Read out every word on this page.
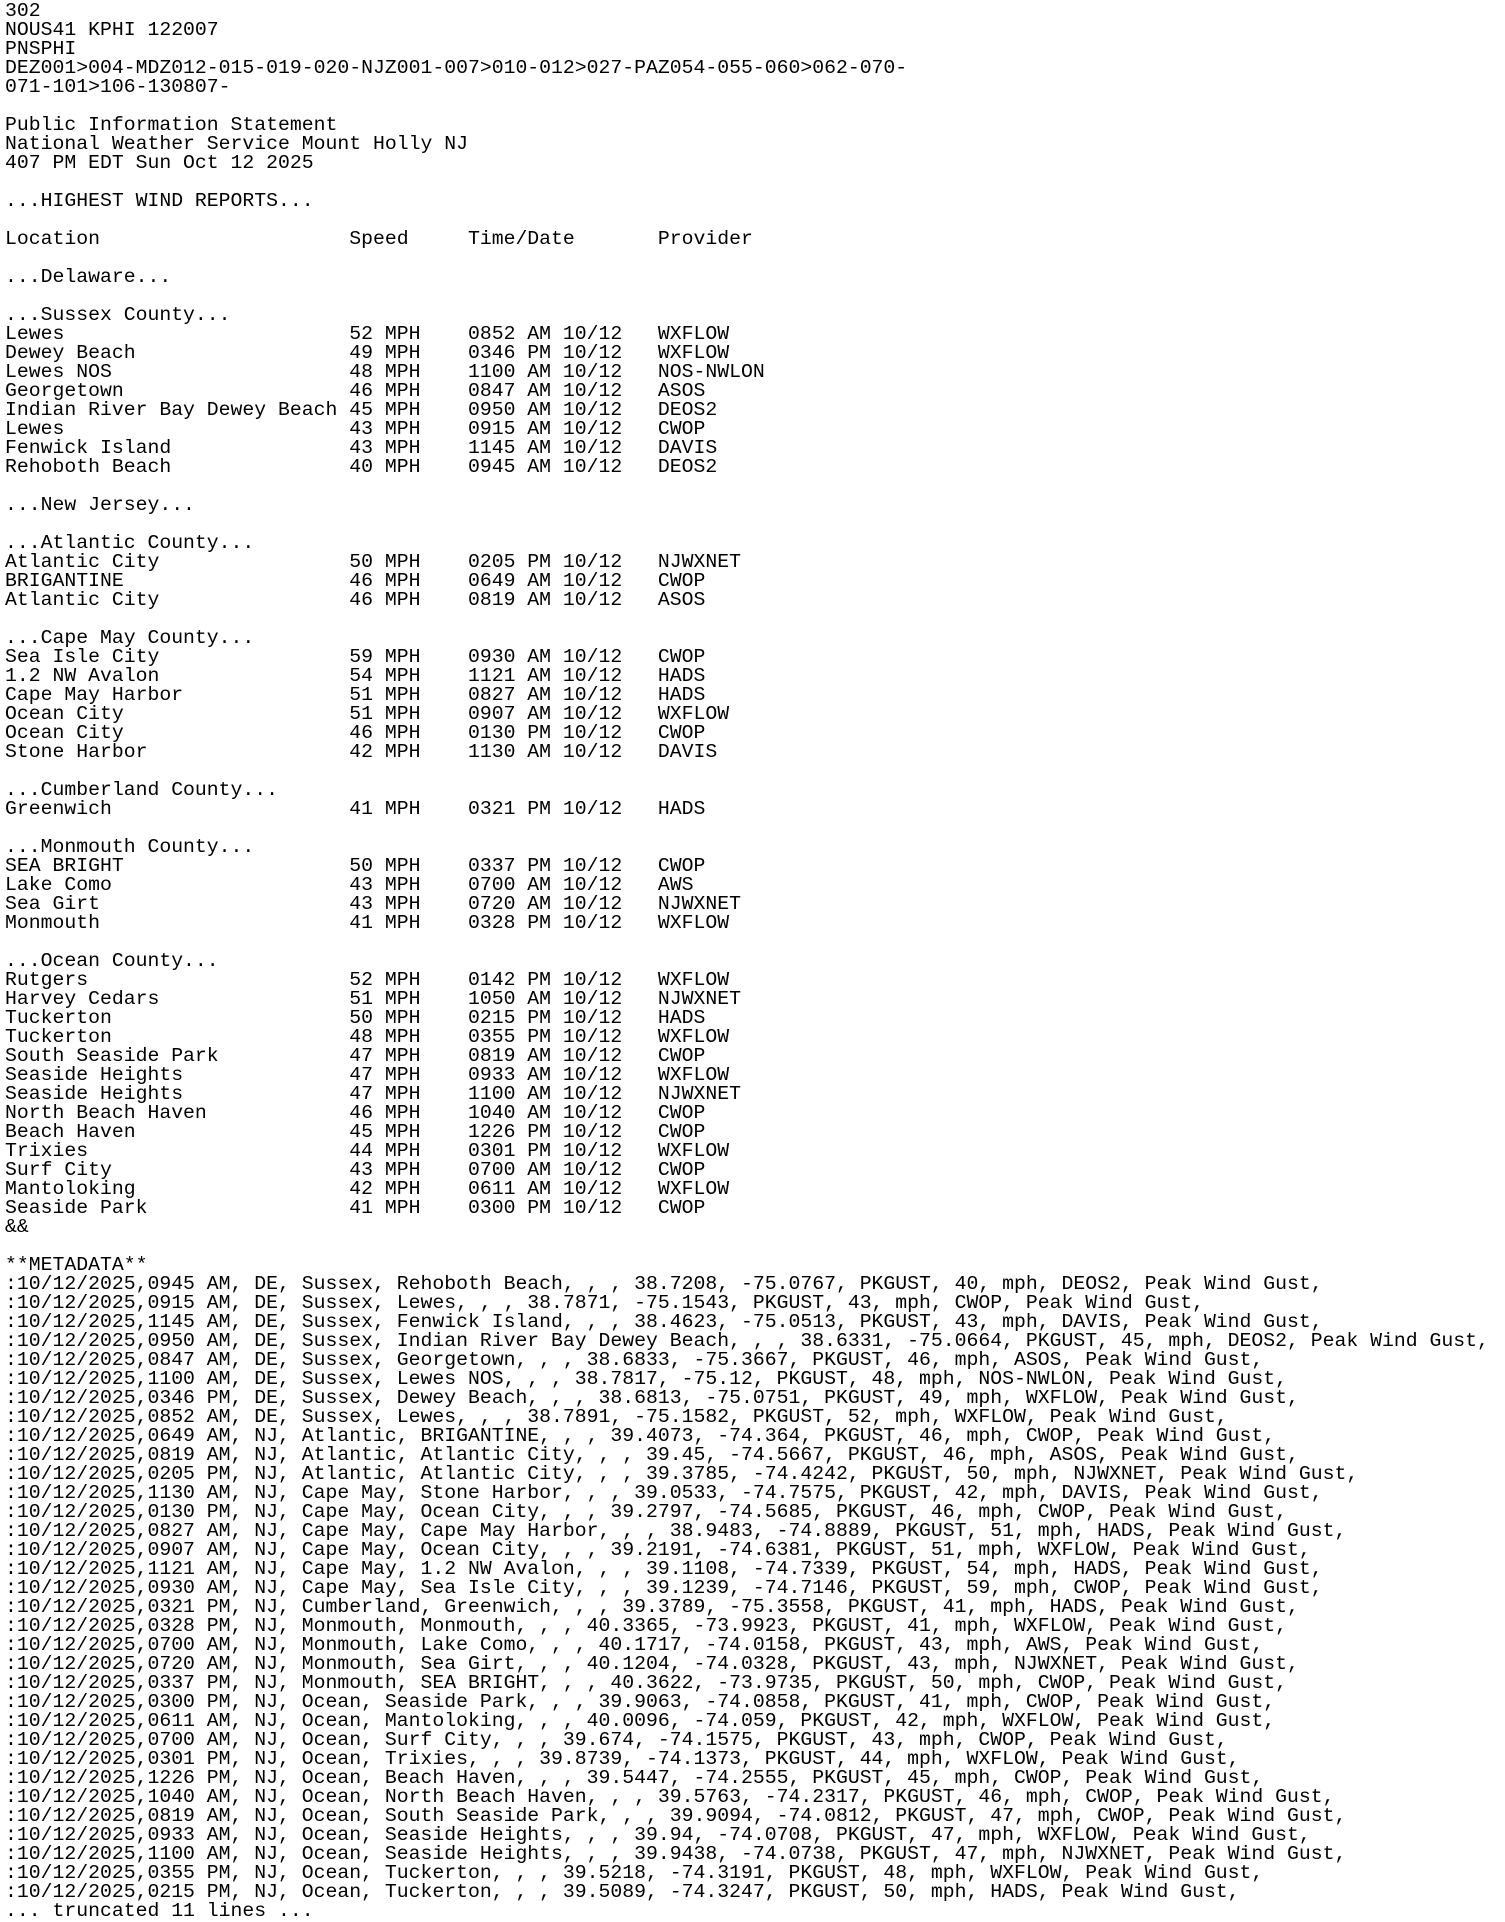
302
NOUS41 KPHI 122007
PNSPHI
DEZ001>004-MDZ012-015-019-020-NJZ001-007>010-012>027-PAZ054-055-060>062-070-
071-101>106-130807-
Public Information Statement
National Weather Service Mount Holly NJ
407 PM EDT Sun Oct 12 2025
...HIGHEST WIND REPORTS...
Location                     Speed     Time/Date       Provider
...Delaware...
...Sussex County...
Lewes                        52 MPH    0852 AM 10/12   WXFLOW
Dewey Beach                  49 MPH    0346 PM 10/12   WXFLOW
Lewes NOS                    48 MPH    1100 AM 10/12   NOS-NWLON
Georgetown                   46 MPH    0847 AM 10/12   ASOS
Indian River Bay Dewey Beach 45 MPH    0950 AM 10/12   DEOS2
Lewes                        43 MPH    0915 AM 10/12   CWOP
Fenwick Island               43 MPH    1145 AM 10/12   DAVIS
Rehoboth Beach               40 MPH    0945 AM 10/12   DEOS2
...New Jersey...
...Atlantic County...
Atlantic City                50 MPH    0205 PM 10/12   NJWXNET
BRIGANTINE                   46 MPH    0649 AM 10/12   CWOP
Atlantic City                46 MPH    0819 AM 10/12   ASOS
...Cape May County...
Sea Isle City                59 MPH    0930 AM 10/12   CWOP
1.2 NW Avalon                54 MPH    1121 AM 10/12   HADS
Cape May Harbor              51 MPH    0827 AM 10/12   HADS
Ocean City                   51 MPH    0907 AM 10/12   WXFLOW
Ocean City                   46 MPH    0130 PM 10/12   CWOP
Stone Harbor                 42 MPH    1130 AM 10/12   DAVIS
...Cumberland County...
Greenwich                    41 MPH    0321 PM 10/12   HADS
...Monmouth County...
SEA BRIGHT                   50 MPH    0337 PM 10/12   CWOP
Lake Como                    43 MPH    0700 AM 10/12   AWS
Sea Girt                     43 MPH    0720 AM 10/12   NJWXNET
Monmouth                     41 MPH    0328 PM 10/12   WXFLOW
...Ocean County...
Rutgers                      52 MPH    0142 PM 10/12   WXFLOW
Harvey Cedars                51 MPH    1050 AM 10/12   NJWXNET
Tuckerton                    50 MPH    0215 PM 10/12   HADS
Tuckerton                    48 MPH    0355 PM 10/12   WXFLOW
South Seaside Park           47 MPH    0819 AM 10/12   CWOP
Seaside Heights              47 MPH    0933 AM 10/12   WXFLOW
Seaside Heights              47 MPH    1100 AM 10/12   NJWXNET
North Beach Haven            46 MPH    1040 AM 10/12   CWOP
Beach Haven                  45 MPH    1226 PM 10/12   CWOP
Trixies                      44 MPH    0301 PM 10/12   WXFLOW
Surf City                    43 MPH    0700 AM 10/12   CWOP
Mantoloking                  42 MPH    0611 AM 10/12   WXFLOW
Seaside Park                 41 MPH    0300 PM 10/12   CWOP
&&
**METADATA**
:10/12/2025,0945 AM, DE, Sussex, Rehoboth Beach, , , 38.7208, -75.0767, PKGUST, 40, mph, DEOS2, Peak Wind Gust,
:10/12/2025,0915 AM, DE, Sussex, Lewes, , , 38.7871, -75.1543, PKGUST, 43, mph, CWOP, Peak Wind Gust,
:10/12/2025,1145 AM, DE, Sussex, Fenwick Island, , , 38.4623, -75.0513, PKGUST, 43, mph, DAVIS, Peak Wind Gust,
:10/12/2025,0950 AM, DE, Sussex, Indian River Bay Dewey Beach, , , 38.6331, -75.0664, PKGUST, 45, mph, DEOS2, Peak Wind Gust,
:10/12/2025,0847 AM, DE, Sussex, Georgetown, , , 38.6833, -75.3667, PKGUST, 46, mph, ASOS, Peak Wind Gust,
:10/12/2025,1100 AM, DE, Sussex, Lewes NOS, , , 38.7817, -75.12, PKGUST, 48, mph, NOS-NWLON, Peak Wind Gust,
:10/12/2025,0346 PM, DE, Sussex, Dewey Beach, , , 38.6813, -75.0751, PKGUST, 49, mph, WXFLOW, Peak Wind Gust,
:10/12/2025,0852 AM, DE, Sussex, Lewes, , , 38.7891, -75.1582, PKGUST, 52, mph, WXFLOW, Peak Wind Gust,
:10/12/2025,0649 AM, NJ, Atlantic, BRIGANTINE, , , 39.4073, -74.364, PKGUST, 46, mph, CWOP, Peak Wind Gust,
:10/12/2025,0819 AM, NJ, Atlantic, Atlantic City, , , 39.45, -74.5667, PKGUST, 46, mph, ASOS, Peak Wind Gust,
:10/12/2025,0205 PM, NJ, Atlantic, Atlantic City, , , 39.3785, -74.4242, PKGUST, 50, mph, NJWXNET, Peak Wind Gust,
:10/12/2025,1130 AM, NJ, Cape May, Stone Harbor, , , 39.0533, -74.7575, PKGUST, 42, mph, DAVIS, Peak Wind Gust,
:10/12/2025,0130 PM, NJ, Cape May, Ocean City, , , 39.2797, -74.5685, PKGUST, 46, mph, CWOP, Peak Wind Gust,
:10/12/2025,0827 AM, NJ, Cape May, Cape May Harbor, , , 38.9483, -74.8889, PKGUST, 51, mph, HADS, Peak Wind Gust,
:10/12/2025,0907 AM, NJ, Cape May, Ocean City, , , 39.2191, -74.6381, PKGUST, 51, mph, WXFLOW, Peak Wind Gust,
:10/12/2025,1121 AM, NJ, Cape May, 1.2 NW Avalon, , , 39.1108, -74.7339, PKGUST, 54, mph, HADS, Peak Wind Gust,
:10/12/2025,0930 AM, NJ, Cape May, Sea Isle City, , , 39.1239, -74.7146, PKGUST, 59, mph, CWOP, Peak Wind Gust,
:10/12/2025,0321 PM, NJ, Cumberland, Greenwich, , , 39.3789, -75.3558, PKGUST, 41, mph, HADS, Peak Wind Gust,
:10/12/2025,0328 PM, NJ, Monmouth, Monmouth, , , 40.3365, -73.9923, PKGUST, 41, mph, WXFLOW, Peak Wind Gust,
:10/12/2025,0700 AM, NJ, Monmouth, Lake Como, , , 40.1717, -74.0158, PKGUST, 43, mph, AWS, Peak Wind Gust,
:10/12/2025,0720 AM, NJ, Monmouth, Sea Girt, , , 40.1204, -74.0328, PKGUST, 43, mph, NJWXNET, Peak Wind Gust,
:10/12/2025,0337 PM, NJ, Monmouth, SEA BRIGHT, , , 40.3622, -73.9735, PKGUST, 50, mph, CWOP, Peak Wind Gust,
:10/12/2025,0300 PM, NJ, Ocean, Seaside Park, , , 39.9063, -74.0858, PKGUST, 41, mph, CWOP, Peak Wind Gust,
:10/12/2025,0611 AM, NJ, Ocean, Mantoloking, , , 40.0096, -74.059, PKGUST, 42, mph, WXFLOW, Peak Wind Gust,
:10/12/2025,0700 AM, NJ, Ocean, Surf City, , , 39.674, -74.1575, PKGUST, 43, mph, CWOP, Peak Wind Gust,
:10/12/2025,0301 PM, NJ, Ocean, Trixies, , , 39.8739, -74.1373, PKGUST, 44, mph, WXFLOW, Peak Wind Gust,
:10/12/2025,1226 PM, NJ, Ocean, Beach Haven, , , 39.5447, -74.2555, PKGUST, 45, mph, CWOP, Peak Wind Gust,
:10/12/2025,1040 AM, NJ, Ocean, North Beach Haven, , , 39.5763, -74.2317, PKGUST, 46, mph, CWOP, Peak Wind Gust,
:10/12/2025,0819 AM, NJ, Ocean, South Seaside Park, , , 39.9094, -74.0812, PKGUST, 47, mph, CWOP, Peak Wind Gust,
:10/12/2025,0933 AM, NJ, Ocean, Seaside Heights, , , 39.94, -74.0708, PKGUST, 47, mph, WXFLOW, Peak Wind Gust,
:10/12/2025,1100 AM, NJ, Ocean, Seaside Heights, , , 39.9438, -74.0738, PKGUST, 47, mph, NJWXNET, Peak Wind Gust,
:10/12/2025,0355 PM, NJ, Ocean, Tuckerton, , , 39.5218, -74.3191, PKGUST, 48, mph, WXFLOW, Peak Wind Gust,
:10/12/2025,0215 PM, NJ, Ocean, Tuckerton, , , 39.5089, -74.3247, PKGUST, 50, mph, HADS, Peak Wind Gust,
... truncated 11 lines ...
